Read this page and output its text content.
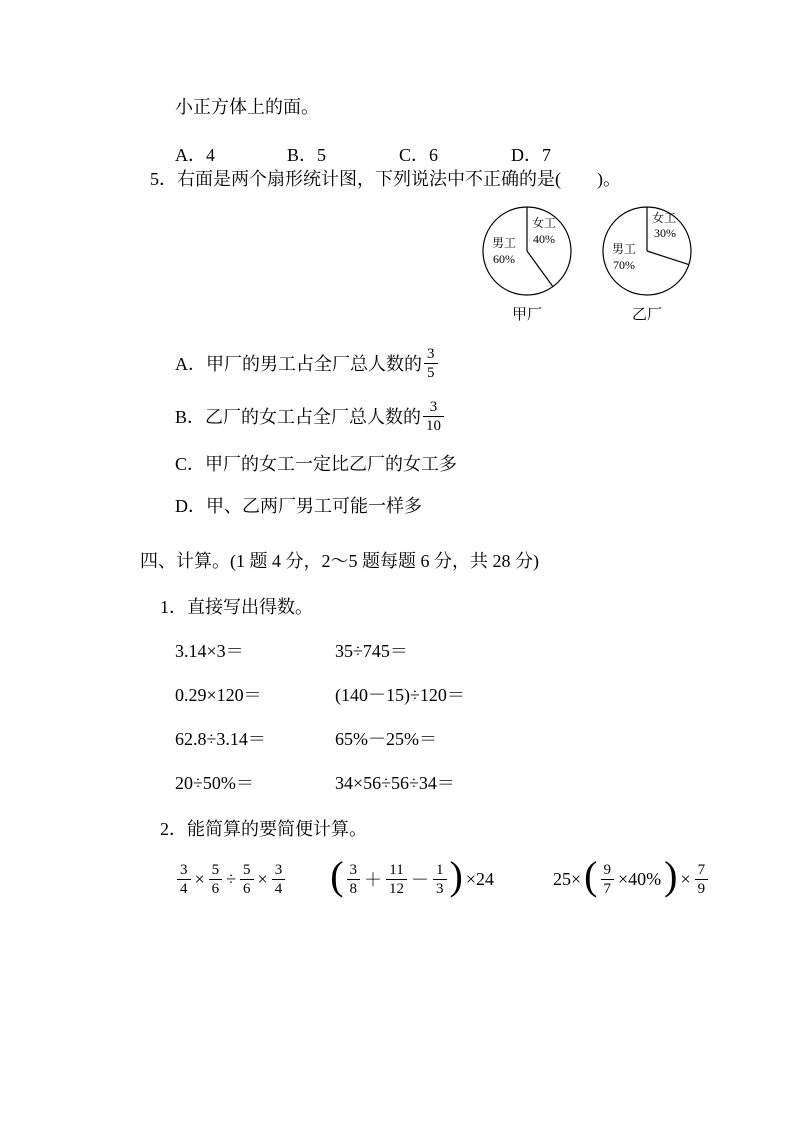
小正方体上的面。
A．4	B．5	C．6	D．7
5．右面是两个扇形统计图，下列说法中不正确的是(　　)。
男工
60%
女工
40%
甲厂
女工
30%
男工
70%
乙厂
A．甲厂的男工占全厂总人数的 $\frac{3}{5}$
B．乙厂的女工占全厂总人数的 $\frac{3}{10}$
C．甲厂的女工一定比乙厂的女工多
D．甲、乙两厂男工可能一样多
四、计算。(1 题 4 分，2～5 题每题 6 分，共 28 分)
1．直接写出得数。
3.14×3＝	35÷745＝
0.29×120＝	(140－15)÷120＝
62.8÷3.14＝	65%－25%＝
20÷50%＝	34×56÷56÷34＝
2．能简算的要简便计算。
$\frac{3}{4} \times \frac{5}{6} \div \frac{5}{6} \times \frac{3}{4}$ ( $\frac{3}{8} + \frac{11}{12} - \frac{1}{3}$ ) ×24	25× ( $\frac{9}{7} \times 40\%$ ) × $\frac{7}{9}$
